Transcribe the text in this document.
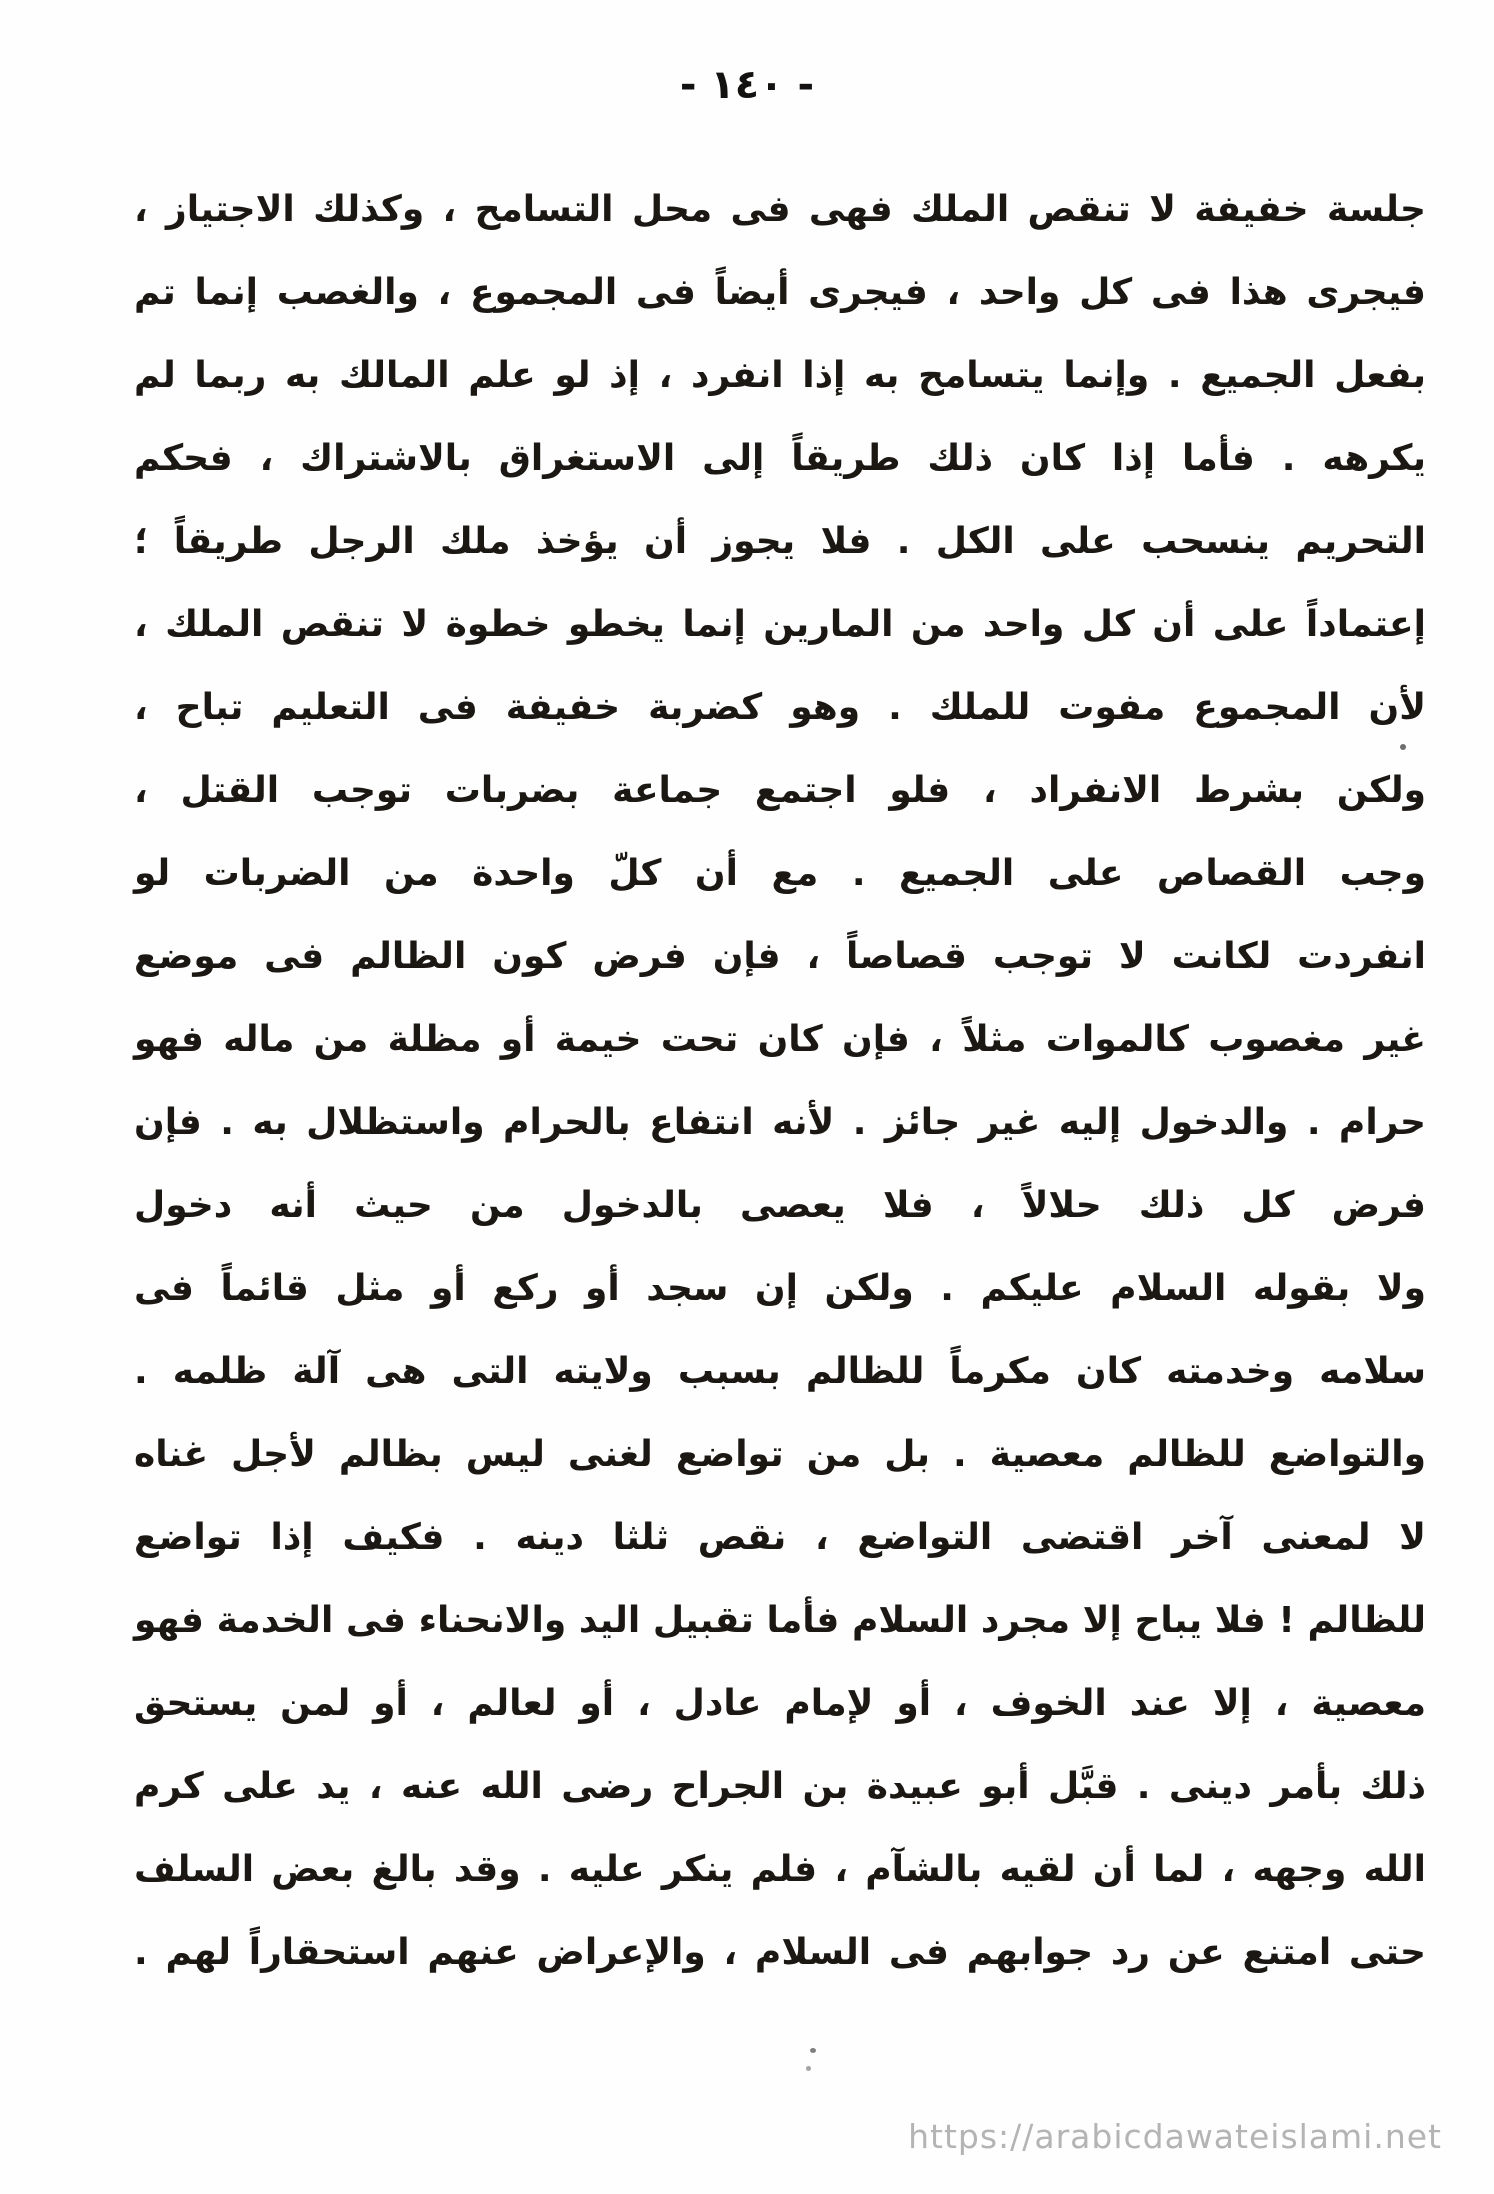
- ١٤٠ -
جلسة خفيفة لا تنقص الملك فهى فى محل التسامح ، وكذلك الاجتياز ،
فيجرى هذا فى كل واحد ، فيجرى أيضاً فى المجموع ، والغصب إنما تم
بفعل الجميع . وإنما يتسامح به إذا انفرد ، إذ لو علم المالك به ربما لم
يكرهه . فأما إذا كان ذلك طريقاً إلى الاستغراق بالاشتراك ، فحكم
التحريم ينسحب على الكل . فلا يجوز أن يؤخذ ملك الرجل طريقاً ؛
إعتماداً على أن كل واحد من المارين إنما يخطو خطوة لا تنقص الملك ،
لأن المجموع مفوت للملك . وهو كضربة خفيفة فى التعليم تباح ،
ولكن بشرط الانفراد ، فلو اجتمع جماعة بضربات توجب القتل ،
وجب القصاص على الجميع . مع أن كلّ واحدة من الضربات لو
انفردت لكانت لا توجب قصاصاً ، فإن فرض كون الظالم فى موضع
غير مغصوب كالموات مثلاً ، فإن كان تحت خيمة أو مظلة من ماله فهو
حرام . والدخول إليه غير جائز . لأنه انتفاع بالحرام واستظلال به . فإن
فرض كل ذلك حلالاً ، فلا يعصى بالدخول من حيث أنه دخول
ولا بقوله السلام عليكم . ولكن إن سجد أو ركع أو مثل قائماً فى
سلامه وخدمته كان مكرماً للظالم بسبب ولايته التى هى آلة ظلمه .
والتواضع للظالم معصية . بل من تواضع لغنى ليس بظالم لأجل غناه
لا لمعنى آخر اقتضى التواضع ، نقص ثلثا دينه . فكيف إذا تواضع
للظالم ! فلا يباح إلا مجرد السلام فأما تقبيل اليد والانحناء فى الخدمة فهو
معصية ، إلا عند الخوف ، أو لإمام عادل ، أو لعالم ، أو لمن يستحق
ذلك بأمر دينى . قبَّل أبو عبيدة بن الجراح رضى الله عنه ، يد على كرم
الله وجهه ، لما أن لقيه بالشآم ، فلم ينكر عليه . وقد بالغ بعض السلف
حتى امتنع عن رد جوابهم فى السلام ، والإعراض عنهم استحقاراً لهم .
https://arabicdawateislami.net
